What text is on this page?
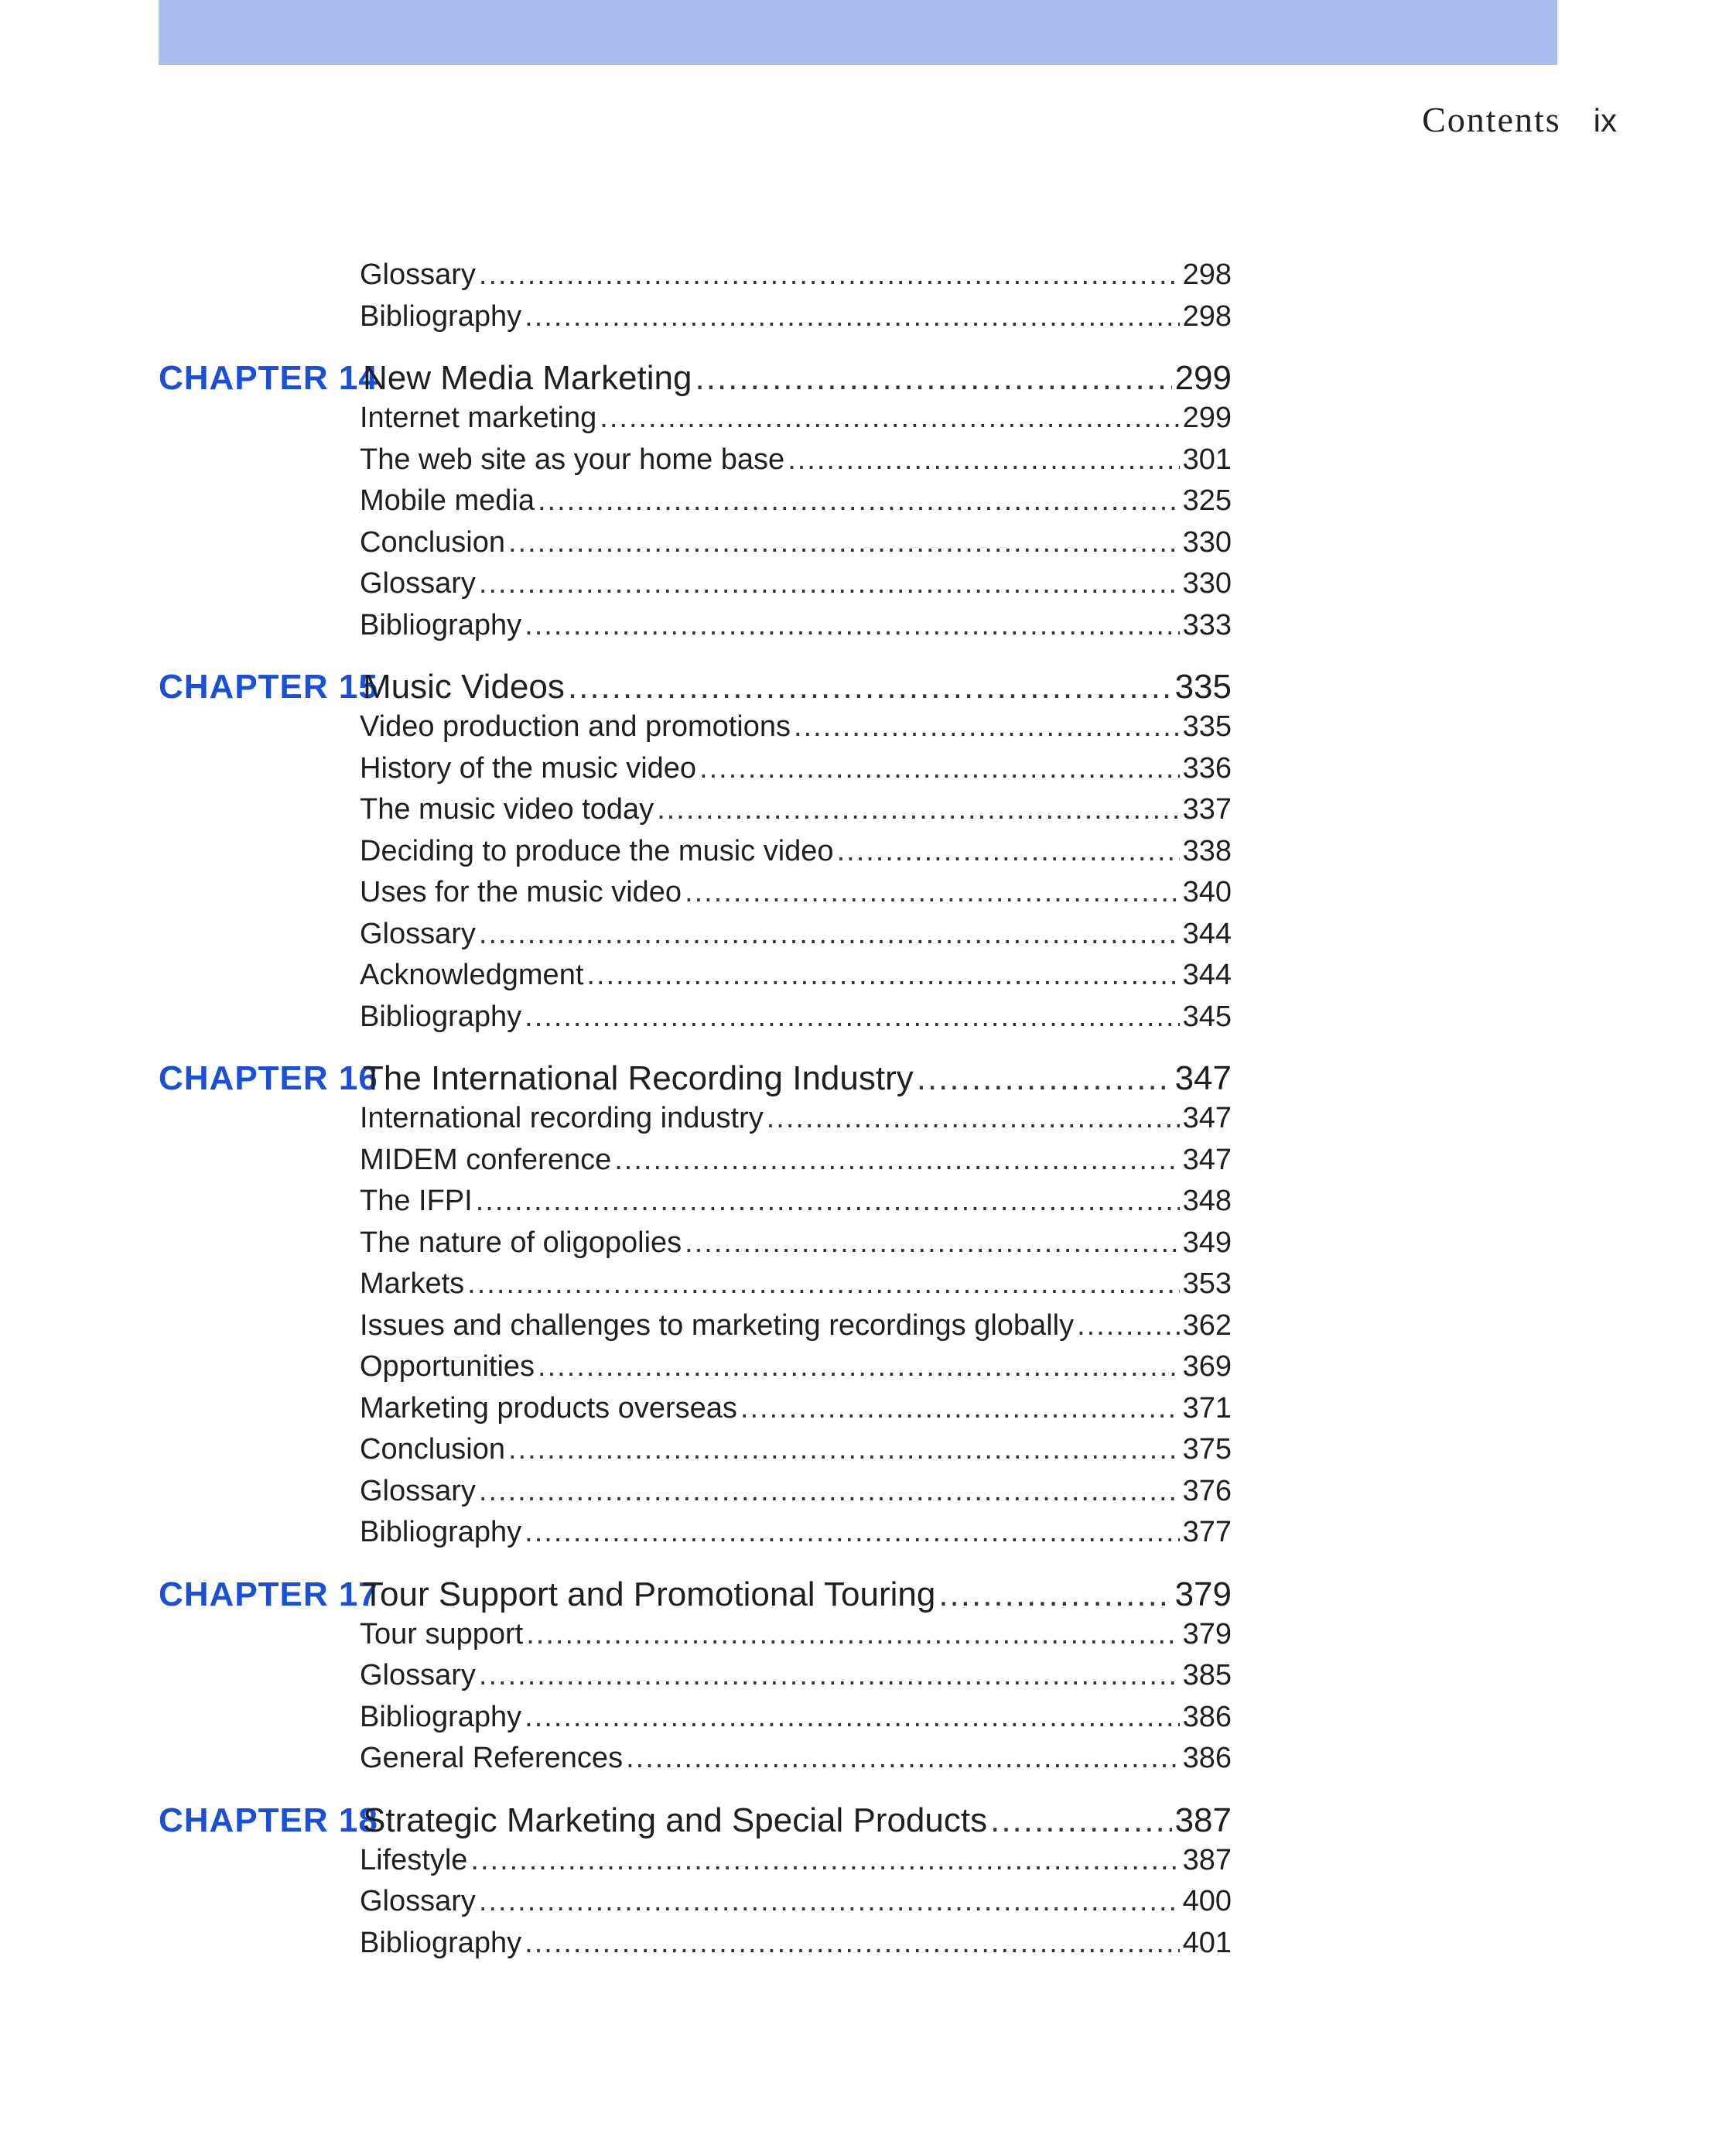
Contents ix
Glossary .....	298
Bibliography .....	298
CHAPTER 14
New Media Marketing .....	299
Internet marketing .....	299
The web site as your home base .....	301
Mobile media .....	325
Conclusion .....	330
Glossary .....	330
Bibliography .....	333
CHAPTER 15
Music Videos .....	335
Video production and promotions .....	335
History of the music video .....	336
The music video today .....	337
Deciding to produce the music video .....	338
Uses for the music video .....	340
Glossary .....	344
Acknowledgment .....	344
Bibliography .....	345
CHAPTER 16
The International Recording Industry .....	347
International recording industry .....	347
MIDEM conference .....	347
The IFPI .....	348
The nature of oligopolies .....	349
Markets .....	353
Issues and challenges to marketing recordings globally .....	362
Opportunities .....	369
Marketing products overseas .....	371
Conclusion .....	375
Glossary .....	376
Bibliography .....	377
CHAPTER 17
Tour Support and Promotional Touring .....	379
Tour support .....	379
Glossary .....	385
Bibliography .....	386
General References .....	386
CHAPTER 18
Strategic Marketing and Special Products .....	387
Lifestyle .....	387
Glossary .....	400
Bibliography .....	401
